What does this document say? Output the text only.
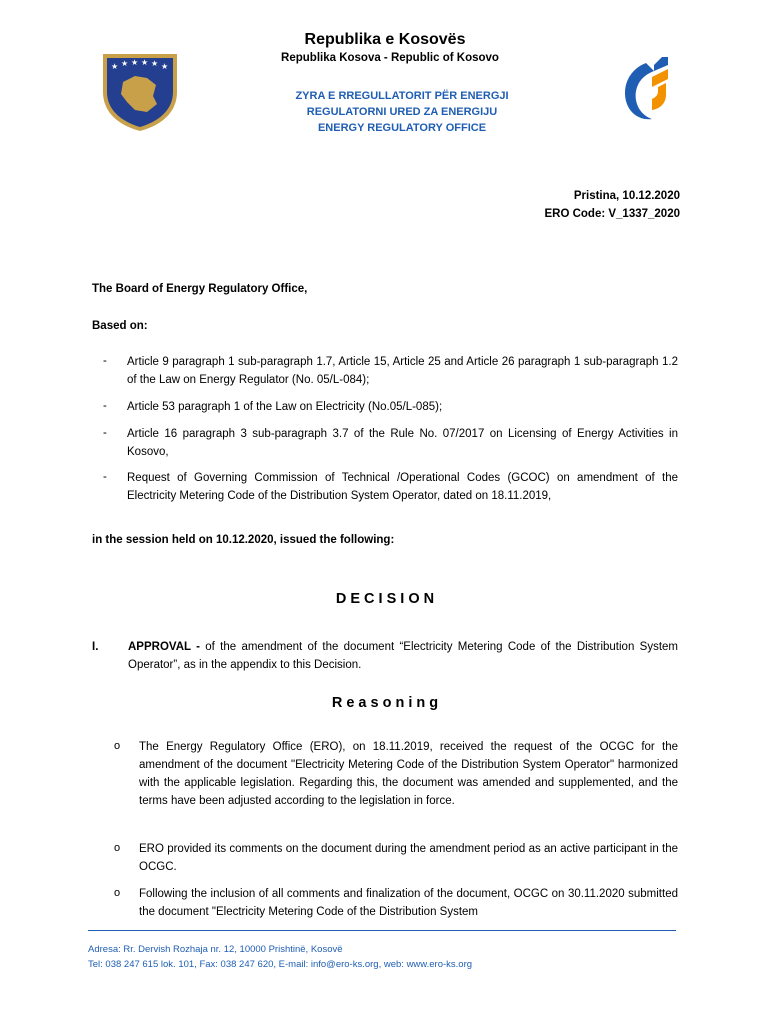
★ ★ ★ ★ ★ ★
Republika e Kosovës
Republika Kosova - Republic of Kosovo
ZYRA E RREGULLATORIT PËR ENERGJI
REGULATORNI URED ZA ENERGIJU
ENERGY REGULATORY OFFICE
Pristina, 10.12.2020
ERO Code: V_1337_2020
The Board of Energy Regulatory Office,
Based on:
- Article 9 paragraph 1 sub-paragraph 1.7, Article 15, Article 25 and Article 26 paragraph 1 sub-paragraph 1.2 of the Law on Energy Regulator (No. 05/L-084);
- Article 53 paragraph 1 of the Law on Electricity (No.05/L-085);
- Article 16 paragraph 3 sub-paragraph 3.7 of the Rule No. 07/2017 on Licensing of Energy Activities in Kosovo,
- Request of Governing Commission of Technical /Operational Codes (GCOC) on amendment of the Electricity Metering Code of the Distribution System Operator, dated on 18.11.2019,
in the session held on 10.12.2020, issued the following:
D E C I S I O N
I.	APPROVAL - of the amendment of the document “Electricity Metering Code of the Distribution System Operator”, as in the appendix to this Decision.
R e a s o n i n g
o The Energy Regulatory Office (ERO), on 18.11.2019, received the request of the OCGC for the amendment of the document "Electricity Metering Code of the Distribution System Operator" harmonized with the applicable legislation. Regarding this, the document was amended and supplemented, and the terms have been adjusted according to the legislation in force.
o ERO provided its comments on the document during the amendment period as an active participant in the OCGC.
o Following the inclusion of all comments and finalization of the document, OCGC on 30.11.2020 submitted the document "Electricity Metering Code of the Distribution System
Adresa: Rr. Dervish Rozhaja nr. 12, 10000 Prishtinë, Kosovë
Tel: 038 247 615 lok. 101, Fax: 038 247 620, E-mail: info@ero-ks.org, web: www.ero-ks.org
